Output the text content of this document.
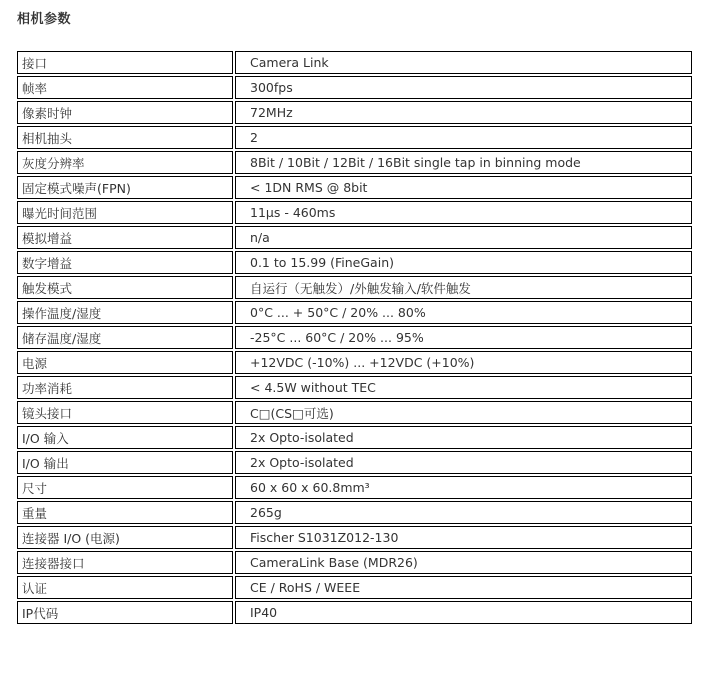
相机参数
接口	Camera Link
帧率	300fps
像素时钟	72MHz
相机抽头	2
灰度分辨率	8Bit / 10Bit / 12Bit / 16Bit single tap in binning mode
固定模式噪声(FPN)	< 1DN RMS @ 8bit
曝光时间范围	11μs - 460ms
模拟增益	n/a
数字增益	0.1 to 15.99 (FineGain)
触发模式	自运行（无触发）/外触发输入/软件触发
操作温度/湿度	0°C ... + 50°C / 20% ... 80%
储存温度/湿度	-25°C ... 60°C / 20% ... 95%
电源	+12VDC (-10%) ... +12VDC (+10%)
功率消耗	< 4.5W without TEC
镜头接口	C□(CS□可选)
I/O 输入	2x Opto-isolated
I/O 输出	2x Opto-isolated
尺寸	60 x 60 x 60.8mm³
重量	265g
连接器 I/O (电源)	Fischer S1031Z012-130
连接器接口	CameraLink Base (MDR26)
认证	CE / RoHS / WEEE
IP代码	IP40
